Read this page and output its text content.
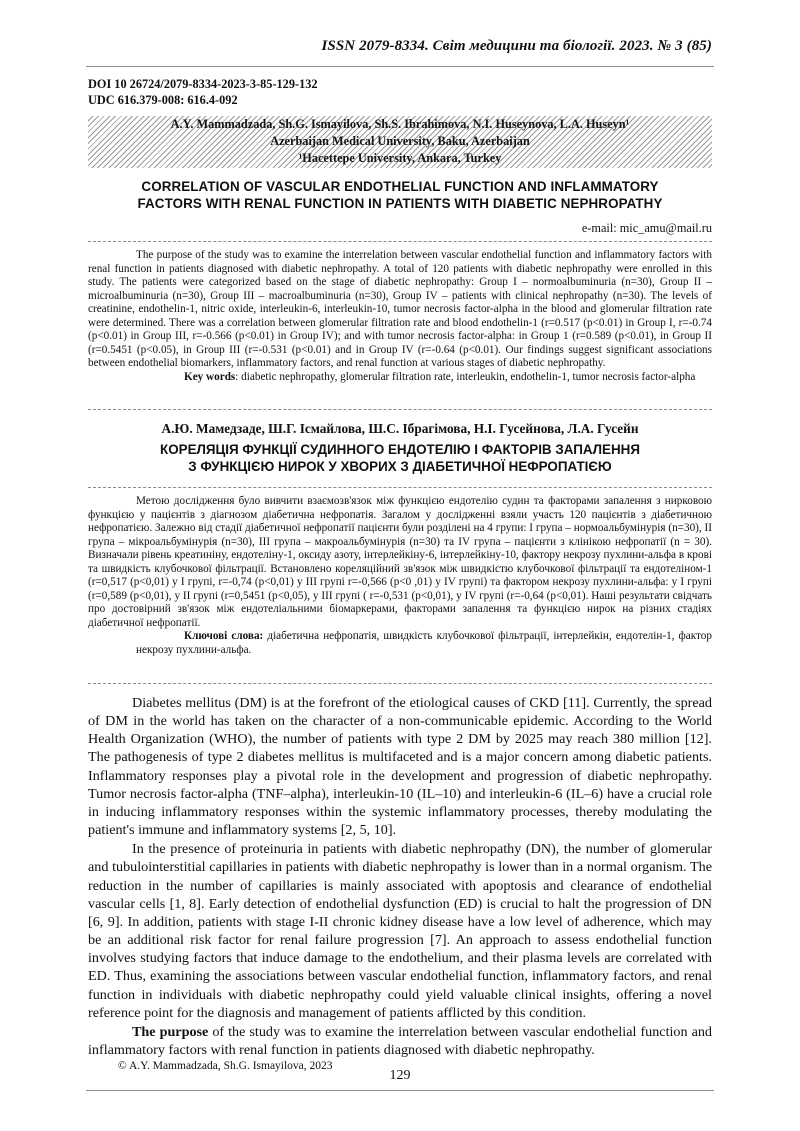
ISSN 2079-8334. Світ медицини та біології. 2023. № 3 (85)
DOI 10 26724/2079-8334-2023-3-85-129-132
UDC 616.379-008: 616.4-092
A.Y. Mammadzada, Sh.G. Ismayilova, Sh.S. Ibrahimova, N.I. Huseynova, L.A. Huseyn¹
Azerbaijan Medical University, Baku, Azerbaijan
¹Hacettepe University, Ankara, Turkey
CORRELATION OF VASCULAR ENDOTHELIAL FUNCTION AND INFLAMMATORY
FACTORS WITH RENAL FUNCTION IN PATIENTS WITH DIABETIC NEPHROPATHY
e-mail: mic_amu@mail.ru

The purpose of the study was to examine the interrelation between vascular endothelial function and inflammatory factors with renal function in patients diagnosed with diabetic nephropathy. A total of 120 patients with diabetic nephropathy were enrolled in this study. The patients were categorized based on the stage of diabetic nephropathy: Group I – normoalbuminuria (n=30), Group II – microalbuminuria (n=30), Group III – macroalbuminuria (n=30), Group IV – patients with clinical nephropathy (n=30). The levels of creatinine, endothelin-1, nitric oxide, interleukin-6, interleukin-10, tumor necrosis factor-alpha in the blood and glomerular filtration rate were determined. There was a correlation between glomerular filtration rate and blood endothelin-1 (r=0.517 (p<0.01) in Group I, r=-0.74 (p<0.01) in Group III, r=-0.566 (p<0.01) in Group IV); and with tumor necrosis factor-alpha: in Group 1 (r=0.589 (p<0.01), in Group II (r=0.5451 (p<0.05), in Group III (r=-0.531 (p<0.01) and in Group IV (r=-0.64 (p<0.01). Our findings suggest significant associations between endothelial biomarkers, inflammatory factors, and renal function at various stages of diabetic nephropathy.

Key words: diabetic nephropathy, glomerular filtration rate, interleukin, endothelin-1, tumor necrosis factor-alpha

А.Ю. Мамедзаде, Ш.Г. Ісмайлова, Ш.С. Ібрагімова, Н.І. Гусейнова, Л.А. Гусейн
КОРЕЛЯЦІЯ ФУНКЦІЇ СУДИННОГО ЕНДОТЕЛІЮ І ФАКТОРІВ ЗАПАЛЕННЯ
З ФУНКЦІЄЮ НИРОК У ХВОРИХ З ДІАБЕТИЧНОЇ НЕФРОПАТІЄЮ

Метою дослідження було вивчити взаємозв'язок між функцією ендотелію судин та факторами запалення з нирковою функцією у пацієнтів з діагнозом діабетична нефропатія. Загалом у дослідженні взяли участь 120 пацієнтів з діабетичною нефропатією. Залежно від стадії діабетичної нефропатії пацієнти були розділені на 4 групи: I група – нормоальбумінурія (n=30), II група – мікроальбумінурія (n=30), III група – макроальбумінурія (n=30) та IV група – пацієнти з клінікою нефропатії (n = 30). Визначали рівень креатиніну, ендотеліну-1, оксиду азоту, інтерлейкіну-6, інтерлейкіну-10, фактору некрозу пухлини-альфа в крові та швидкість клубочкової фільтрації. Встановлено кореляційний зв'язок між швидкістю клубочкової фільтрації та ендотеліном-1 (r=0,517 (p<0,01) у I групі, r=-0,74 (p<0,01) у III групі r=-0,566 (p<0 ,01) у IV групі) та фактором некрозу пухлини-альфа: у I групі (r=0,589 (p<0,01), у II групі (r=0,5451 (p<0,05), у III групі ( r=-0,531 (p<0,01), у IV групі (r=-0,64 (p<0,01). Наші результати свідчать про достовірний зв'язок між ендотеліальними біомаркерами, факторами запалення та функцією нирок на різних стадіях діабетичної нефропатії.

Ключові слова: діабетична нефропатія, швидкість клубочкової фільтрації, інтерлейкін, ендотелін-1, фактор некрозу пухлини-альфа.

Diabetes mellitus (DM) is at the forefront of the etiological causes of CKD [11]. Currently, the spread of DM in the world has taken on the character of a non-communicable epidemic. According to the World Health Organization (WHO), the number of patients with type 2 DM by 2025 may reach 380 million [12]. The pathogenesis of type 2 diabetes mellitus is multifaceted and is a major concern among diabetic patients. Inflammatory responses play a pivotal role in the development and progression of diabetic nephropathy. Tumor necrosis factor-alpha (TNF–alpha), interleukin-10 (IL–10) and interleukin-6 (IL–6) have a crucial role in inducing inflammatory responses within the systemic inflammatory processes, thereby modulating the patient's immune and inflammatory systems [2, 5, 10].

In the presence of proteinuria in patients with diabetic nephropathy (DN), the number of glomerular and tubulointerstitial capillaries in patients with diabetic nephropathy is lower than in a normal organism. The reduction in the number of capillaries is mainly associated with apoptosis and clearance of endothelial vascular cells [1, 8]. Early detection of endothelial dysfunction (ED) is crucial to halt the progression of DN [6, 9]. In addition, patients with stage I-II chronic kidney disease have a low level of adherence, which may be an additional risk factor for renal failure progression [7]. An approach to assess endothelial function involves studying factors that induce damage to the endothelium, and their plasma levels are correlated with ED. Thus, examining the associations between vascular endothelial function, inflammatory factors, and renal function in individuals with diabetic nephropathy could yield valuable clinical insights, offering a novel reference point for the diagnosis and management of patients afflicted by this condition.

The purpose of the study was to examine the interrelation between vascular endothelial function and inflammatory factors with renal function in patients diagnosed with diabetic nephropathy.

© A.Y. Mammadzada, Sh.G. Ismayilova, 2023
129
